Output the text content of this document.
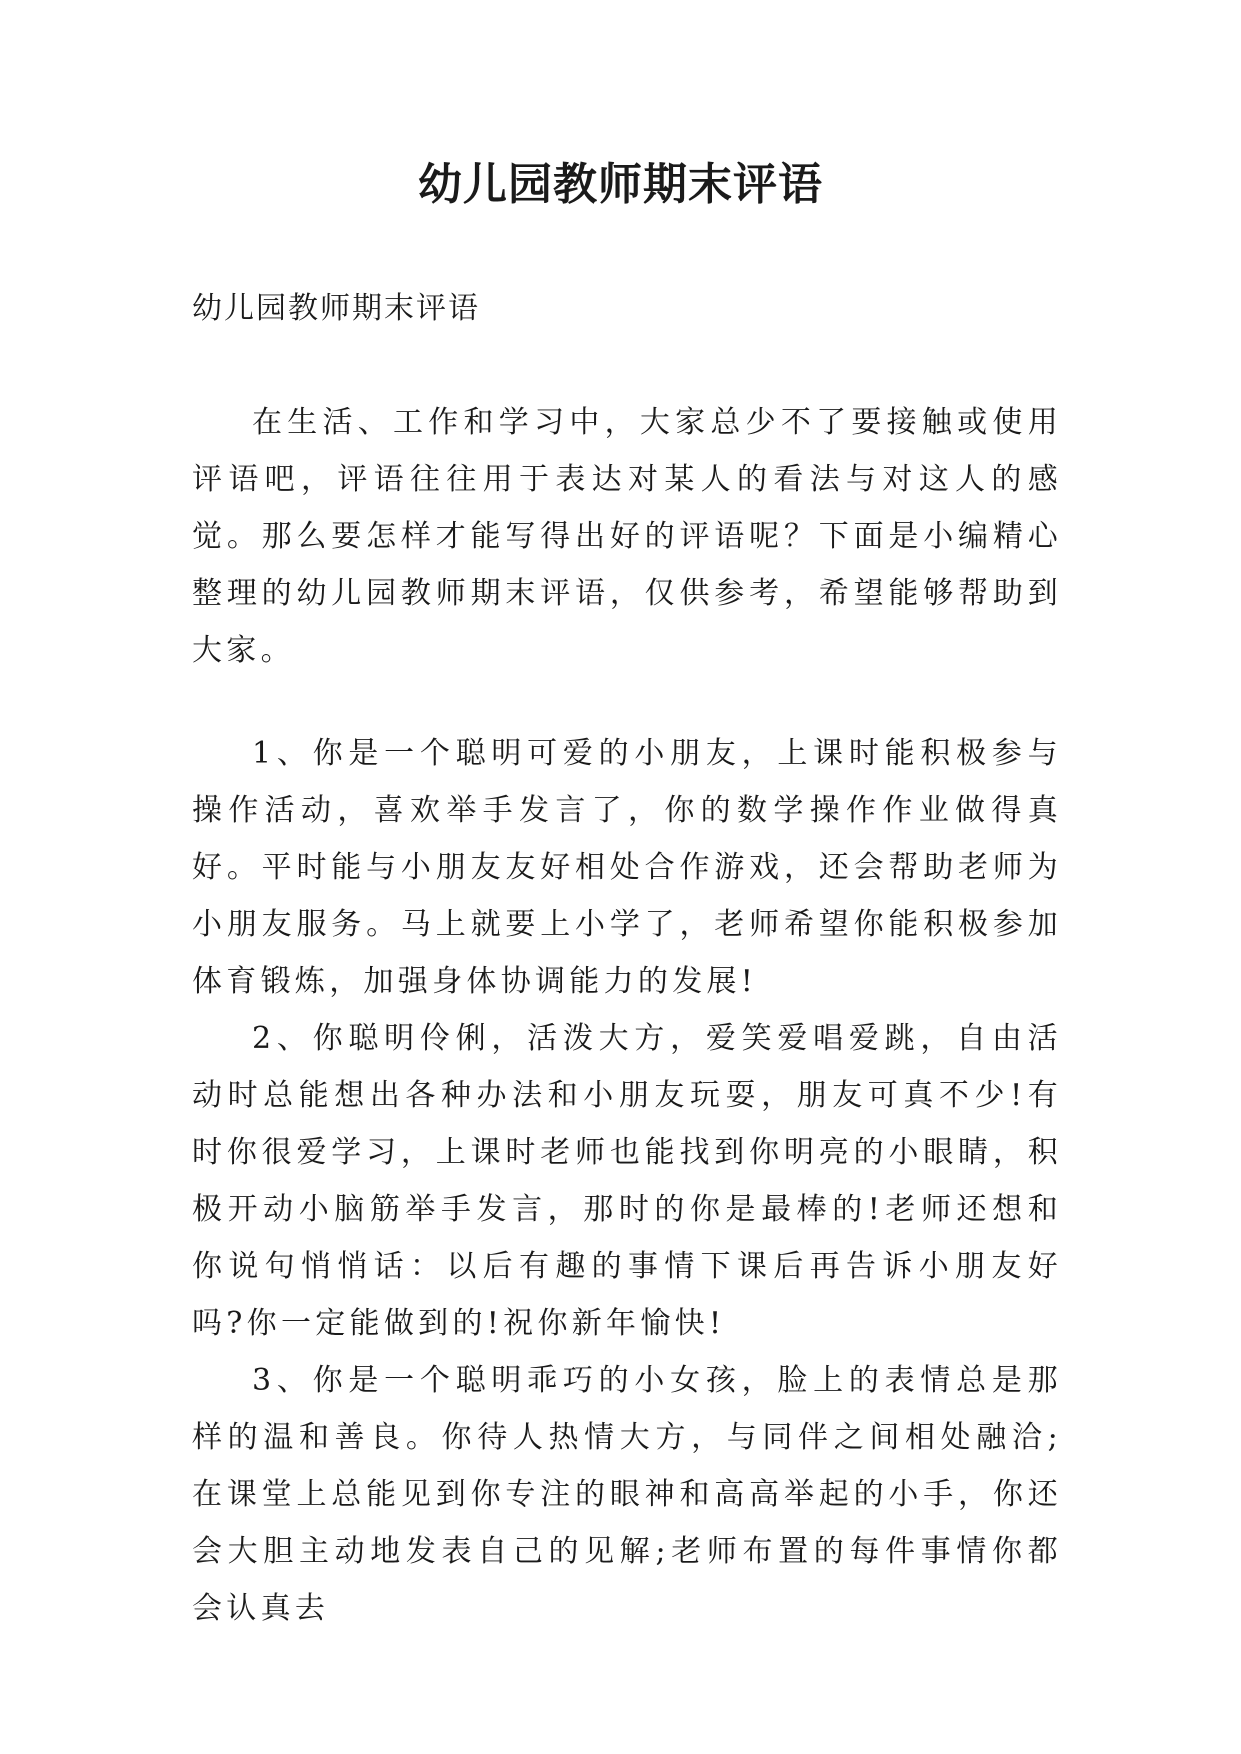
幼儿园教师期末评语

幼儿园教师期末评语

在生活、工作和学习中，大家总少不了要接触或使用评语吧，评语往往用于表达对某人的看法与对这人的感觉。那么要怎样才能写得出好的评语呢？下面是小编精心整理的幼儿园教师期末评语，仅供参考，希望能够帮助到大家。

1、你是一个聪明可爱的小朋友，上课时能积极参与操作活动，喜欢举手发言了，你的数学操作作业做得真好。平时能与小朋友友好相处合作游戏，还会帮助老师为小朋友服务。马上就要上小学了，老师希望你能积极参加体育锻炼，加强身体协调能力的发展!

2、你聪明伶俐，活泼大方，爱笑爱唱爱跳，自由活动时总能想出各种办法和小朋友玩耍，朋友可真不少!有时你很爱学习，上课时老师也能找到你明亮的小眼睛，积极开动小脑筋举手发言，那时的你是最棒的!老师还想和你说句悄悄话：以后有趣的事情下课后再告诉小朋友好吗?你一定能做到的!祝你新年愉快!

3、你是一个聪明乖巧的小女孩，脸上的表情总是那样的温和善良。你待人热情大方，与同伴之间相处融洽;在课堂上总能见到你专注的眼神和高高举起的小手，你还会大胆主动地发表自己的见解;老师布置的每件事情你都会认真去
